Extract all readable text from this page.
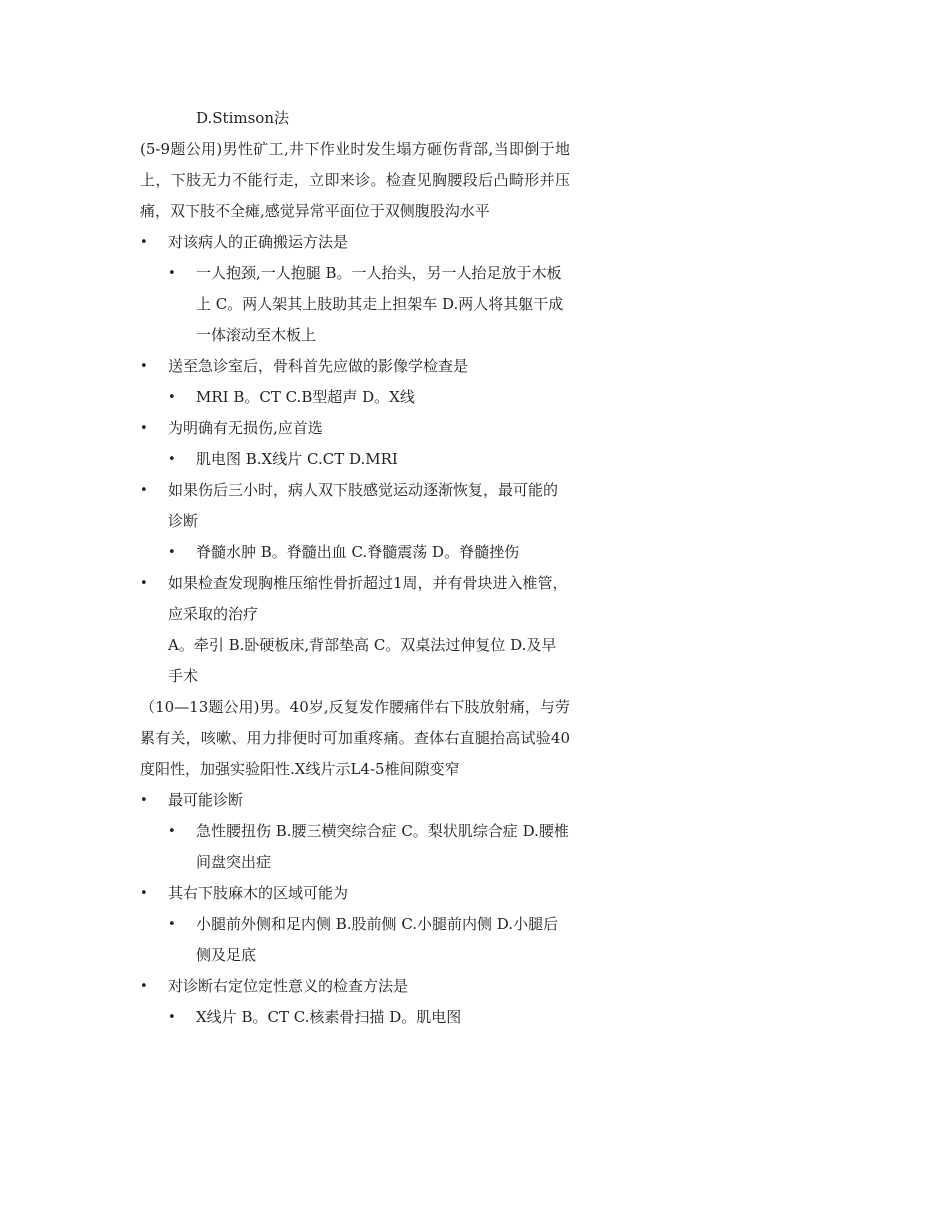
D.Stimson法

(5-9题公用)男性矿工,井下作业时发生塌方砸伤背部,当即倒于地上，下肢无力不能行走，立即来诊。检查见胸腰段后凸畸形并压痛，双下肢不全瘫,感觉异常平面位于双侧腹股沟水平

• 对该病人的正确搬运方法是
• 一人抱颈,一人抱腿 B。一人抬头，另一人抬足放于木板上 C。两人架其上肢助其走上担架车 D.两人将其躯干成一体滚动至木板上
• 送至急诊室后，骨科首先应做的影像学检查是
• MRI B。CT C.B型超声 D。X线
• 为明确有无损伤,应首选
• 肌电图 B.X线片 C.CT D.MRI
• 如果伤后三小时，病人双下肢感觉运动逐渐恢复，最可能的诊断
• 脊髓水肿 B。脊髓出血 C.脊髓震荡 D。脊髓挫伤
• 如果检查发现胸椎压缩性骨折超过1周，并有骨块进入椎管，应采取的治疗
A。牵引 B.卧硬板床,背部垫高 C。双桌法过伸复位 D.及早手术

（10—13题公用)男。40岁,反复发作腰痛伴右下肢放射痛，与劳累有关，咳嗽、用力排便时可加重疼痛。查体右直腿抬高试验40度阳性，加强实验阳性.X线片示L4-5椎间隙变窄

• 最可能诊断
• 急性腰扭伤 B.腰三横突综合症 C。梨状肌综合症 D.腰椎间盘突出症
• 其右下肢麻木的区域可能为
• 小腿前外侧和足内侧 B.股前侧 C.小腿前内侧 D.小腿后侧及足底
• 对诊断右定位定性意义的检查方法是
• X线片 B。CT C.核素骨扫描 D。肌电图
